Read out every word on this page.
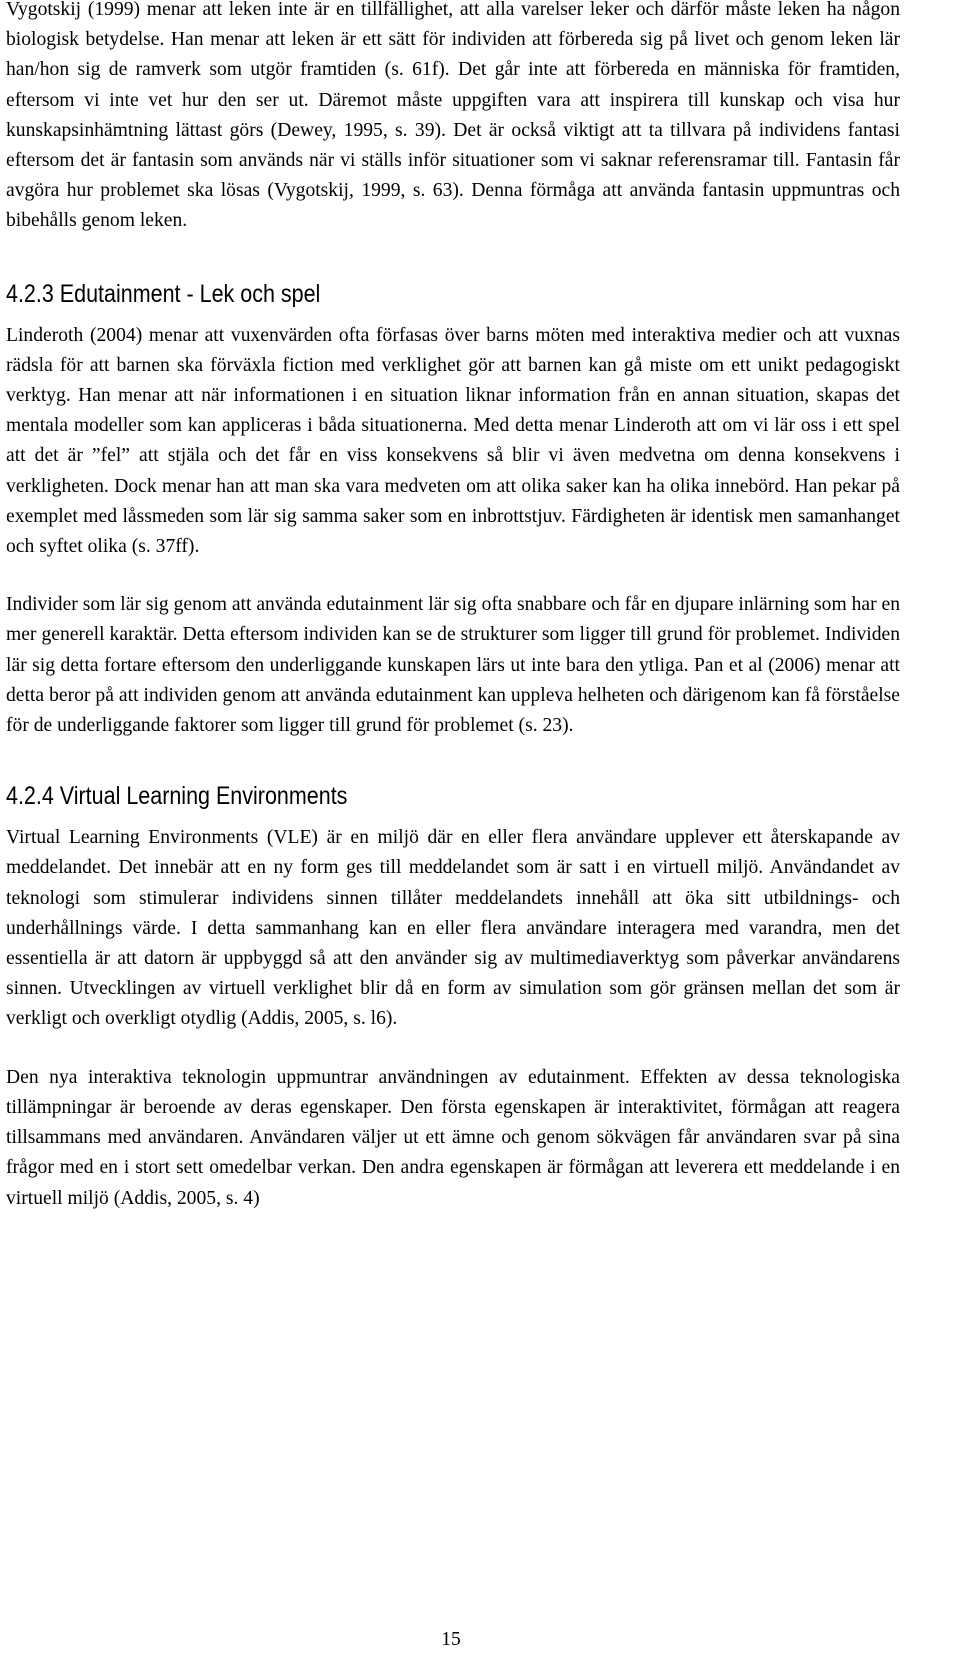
Vygotskij (1999) menar att leken inte är en tillfällighet, att alla varelser leker och därför måste leken ha någon biologisk betydelse. Han menar att leken är ett sätt för individen att förbereda sig på livet och genom leken lär han/hon sig de ramverk som utgör framtiden (s. 61f). Det går inte att förbereda en människa för framtiden, eftersom vi inte vet hur den ser ut. Däremot måste uppgiften vara att inspirera till kunskap och visa hur kunskapsinhämtning lättast görs (Dewey, 1995, s. 39). Det är också viktigt att ta tillvara på individens fantasi eftersom det är fantasin som används när vi ställs inför situationer som vi saknar referensramar till. Fantasin får avgöra hur problemet ska lösas (Vygotskij, 1999, s. 63). Denna förmåga att använda fantasin uppmuntras och bibehålls genom leken.

4.2.3 Edutainment - Lek och spel

Linderoth (2004) menar att vuxenvärden ofta förfasas över barns möten med interaktiva medier och att vuxnas rädsla för att barnen ska förväxla fiction med verklighet gör att barnen kan gå miste om ett unikt pedagogiskt verktyg. Han menar att när informationen i en situation liknar information från en annan situation, skapas det mentala modeller som kan appliceras i båda situationerna. Med detta menar Linderoth att om vi lär oss i ett spel att det är ”fel” att stjäla och det får en viss konsekvens så blir vi även medvetna om denna konsekvens i verkligheten. Dock menar han att man ska vara medveten om att olika saker kan ha olika innebörd. Han pekar på exemplet med låssmeden som lär sig samma saker som en inbrottstjuv. Färdigheten är identisk men samanhanget och syftet olika (s. 37ff).

Individer som lär sig genom att använda edutainment lär sig ofta snabbare och får en djupare inlärning som har en mer generell karaktär. Detta eftersom individen kan se de strukturer som ligger till grund för problemet. Individen lär sig detta fortare eftersom den underliggande kunskapen lärs ut inte bara den ytliga. Pan et al (2006) menar att detta beror på att individen genom att använda edutainment kan uppleva helheten och därigenom kan få förståelse för de underliggande faktorer som ligger till grund för problemet (s. 23).

4.2.4 Virtual Learning Environments

Virtual Learning Environments (VLE) är en miljö där en eller flera användare upplever ett återskapande av meddelandet. Det innebär att en ny form ges till meddelandet som är satt i en virtuell miljö. Användandet av teknologi som stimulerar individens sinnen tillåter meddelandets innehåll att öka sitt utbildnings- och underhållnings värde. I detta sammanhang kan en eller flera användare interagera med varandra, men det essentiella är att datorn är uppbyggd så att den använder sig av multimediaverktyg som påverkar användarens sinnen. Utvecklingen av virtuell verklighet blir då en form av simulation som gör gränsen mellan det som är verkligt och overkligt otydlig (Addis, 2005, s. l6).

Den nya interaktiva teknologin uppmuntrar användningen av edutainment. Effekten av dessa teknologiska tillämpningar är beroende av deras egenskaper. Den första egenskapen är interaktivitet, förmågan att reagera tillsammans med användaren. Användaren väljer ut ett ämne och genom sökvägen får användaren svar på sina frågor med en i stort sett omedelbar verkan. Den andra egenskapen är förmågan att leverera ett meddelande i en virtuell miljö (Addis, 2005, s. 4)

15
